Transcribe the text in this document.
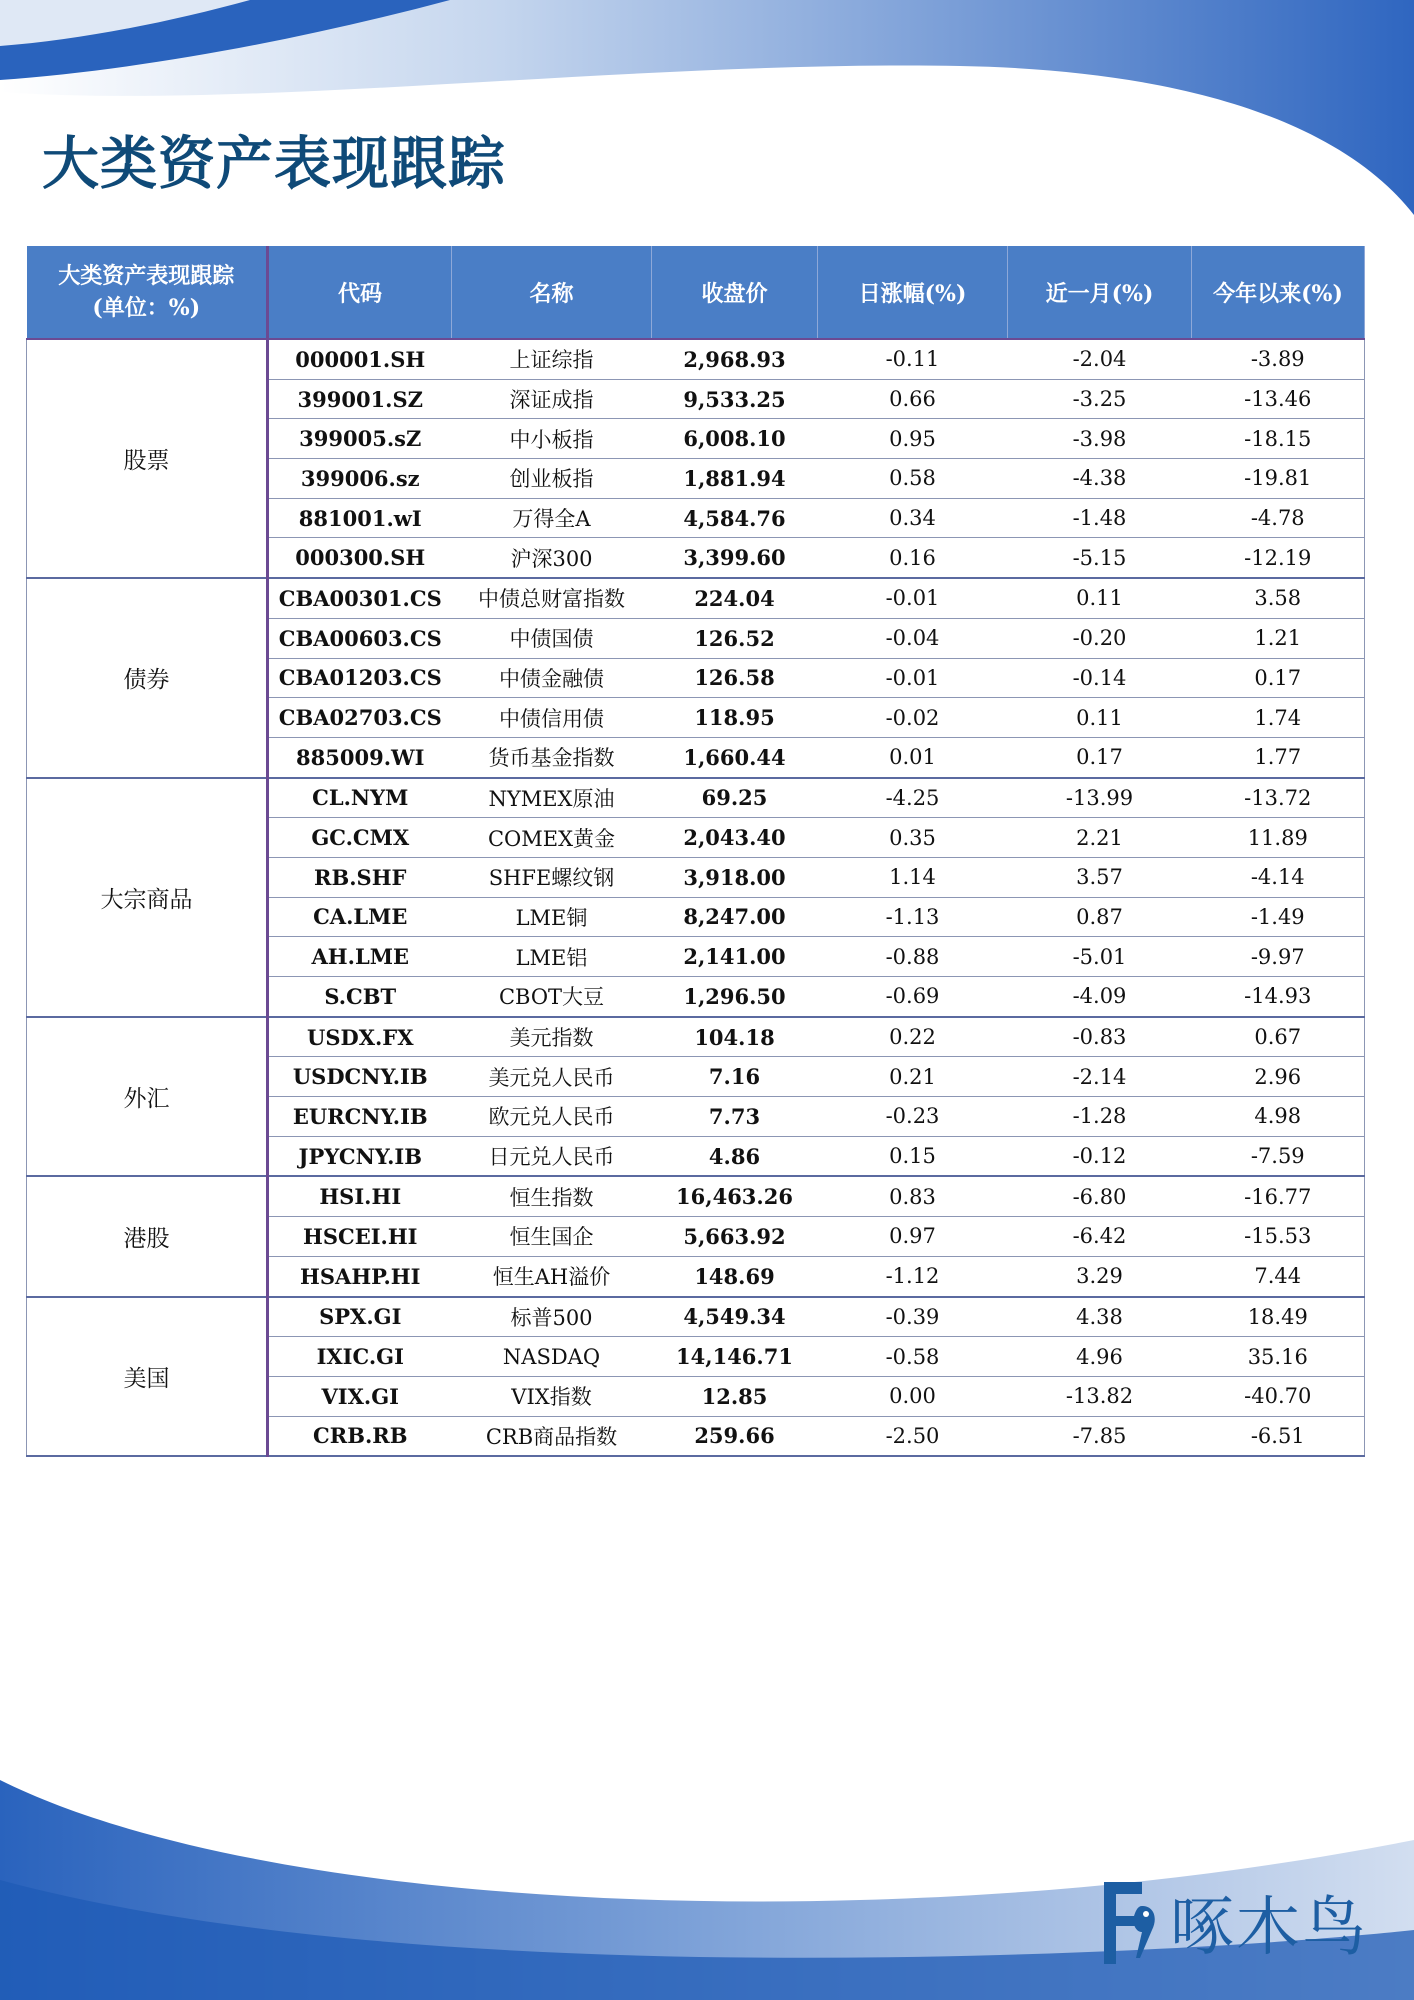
大类资产表现跟踪
大类资产表现跟踪
(单位：%)	代码	名称	收盘价	日涨幅(%)	近一月(%)	今年以来(%)
股票	000001.SH	上证综指	2,968.93	-0.11	-2.04	-3.89
	399001.SZ	深证成指	9,533.25	0.66	-3.25	-13.46
	399005.sZ	中小板指	6,008.10	0.95	-3.98	-18.15
	399006.sz	创业板指	1,881.94	0.58	-4.38	-19.81
	881001.wI	万得全A	4,584.76	0.34	-1.48	-4.78
	000300.SH	沪深300	3,399.60	0.16	-5.15	-12.19
债券	CBA00301.CS	中债总财富指数	224.04	-0.01	0.11	3.58
	CBA00603.CS	中债国债	126.52	-0.04	-0.20	1.21
	CBA01203.CS	中债金融债	126.58	-0.01	-0.14	0.17
	CBA02703.CS	中债信用债	118.95	-0.02	0.11	1.74
	885009.WI	货币基金指数	1,660.44	0.01	0.17	1.77
大宗商品	CL.NYM	NYMEX原油	69.25	-4.25	-13.99	-13.72
	GC.CMX	COMEX黄金	2,043.40	0.35	2.21	11.89
	RB.SHF	SHFE螺纹钢	3,918.00	1.14	3.57	-4.14
	CA.LME	LME铜	8,247.00	-1.13	0.87	-1.49
	AH.LME	LME铝	2,141.00	-0.88	-5.01	-9.97
	S.CBT	CBOT大豆	1,296.50	-0.69	-4.09	-14.93
外汇	USDX.FX	美元指数	104.18	0.22	-0.83	0.67
	USDCNY.IB	美元兑人民币	7.16	0.21	-2.14	2.96
	EURCNY.IB	欧元兑人民币	7.73	-0.23	-1.28	4.98
	JPYCNY.IB	日元兑人民币	4.86	0.15	-0.12	-7.59
港股	HSI.HI	恒生指数	16,463.26	0.83	-6.80	-16.77
	HSCEI.HI	恒生国企	5,663.92	0.97	-6.42	-15.53
	HSAHP.HI	恒生AH溢价	148.69	-1.12	3.29	7.44
美国	SPX.GI	标普500	4,549.34	-0.39	4.38	18.49
	IXIC.GI	NASDAQ	14,146.71	-0.58	4.96	35.16
	VIX.GI	VIX指数	12.85	0.00	-13.82	-40.70
	CRB.RB	CRB商品指数	259.66	-2.50	-7.85	-6.51
啄木鸟
